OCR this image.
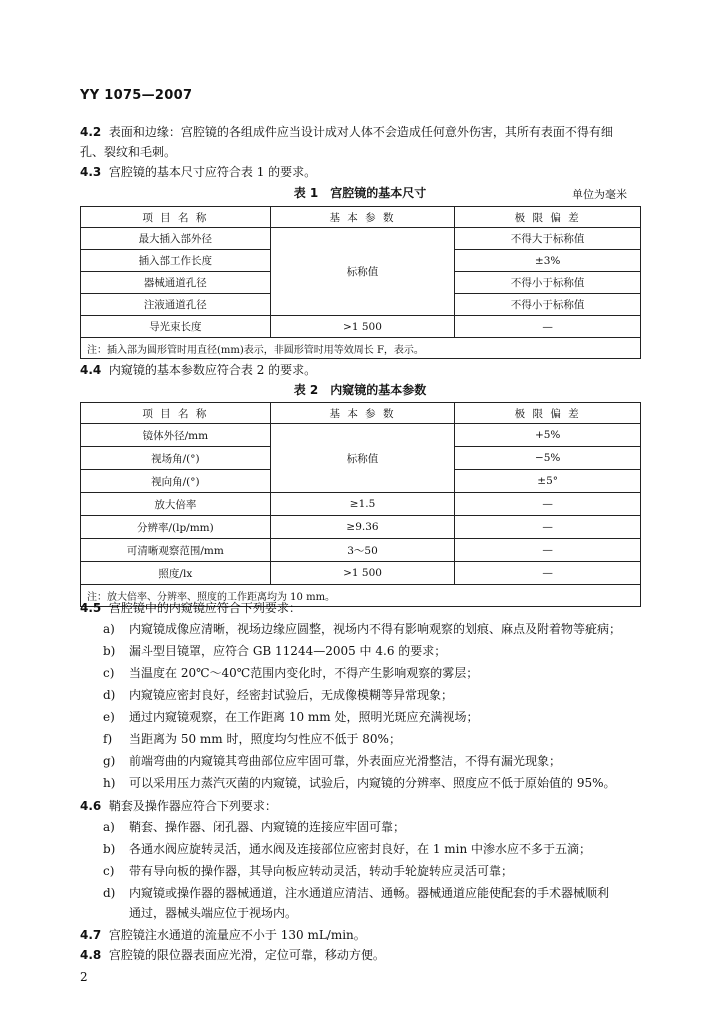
YY 1075—2007
4.2 表面和边缘：宫腔镜的各组成件应当设计成对人体不会造成任何意外伤害，其所有表面不得有细
孔、裂纹和毛刺。
4.3 宫腔镜的基本尺寸应符合表 1 的要求。
表 1　宫腔镜的基本尺寸	单位为毫米
项 目 名 称	基 本 参 数	极 限 偏 差
最大插入部外径	标称值	不得大于标称值
插入部工作长度		±3%
器械通道孔径		不得小于标称值
注液通道孔径		不得小于标称值
导光束长度	>1 500	—
注：插入部为圆形管时用直径(mm)表示，非圆形管时用等效周长 F，表示。		
4.4 内窥镜的基本参数应符合表 2 的要求。
表 2　内窥镜的基本参数
项 目 名 称	基 本 参 数	极 限 偏 差
镜体外径/mm	标称值	+5%
视场角/(°)		−5%
视向角/(°)		±5°
放大倍率	≥1.5	—
分辨率/(lp/mm)	≥9.36	—
可清晰观察范围/mm	3～50	—
照度/lx	>1 500	—
注：放大倍率、分辨率、照度的工作距离均为 10 mm。		
4.5 宫腔镜中的内窥镜应符合下列要求：
a) 内窥镜成像应清晰，视场边缘应圆整，视场内不得有影响观察的划痕、麻点及附着物等疵病；
b) 漏斗型目镜罩，应符合 GB 11244—2005 中 4.6 的要求；
c) 当温度在 20℃～40℃范围内变化时，不得产生影响观察的雾层；
d) 内窥镜应密封良好，经密封试验后，无成像模糊等异常现象；
e) 通过内窥镜观察，在工作距离 10 mm 处，照明光斑应充满视场；
f) 当距离为 50 mm 时，照度均匀性应不低于 80%；
g) 前端弯曲的内窥镜其弯曲部位应牢固可靠，外表面应光滑整洁，不得有漏光现象；
h) 可以采用压力蒸汽灭菌的内窥镜，试验后，内窥镜的分辨率、照度应不低于原始值的 95%。
4.6 鞘套及操作器应符合下列要求：
a) 鞘套、操作器、闭孔器、内窥镜的连接应牢固可靠；
b) 各通水阀应旋转灵活，通水阀及连接部位应密封良好，在 1 min 中渗水应不多于五滴；
c) 带有导向板的操作器，其导向板应转动灵活，转动手轮旋转应灵活可靠；
d) 内窥镜或操作器的器械通道，注水通道应清洁、通畅。器械通道应能使配套的手术器械顺利
通过，器械头端应位于视场内。
4.7 宫腔镜注水通道的流量应不小于 130 mL/min。
4.8 宫腔镜的限位器表面应光滑，定位可靠，移动方便。
2
